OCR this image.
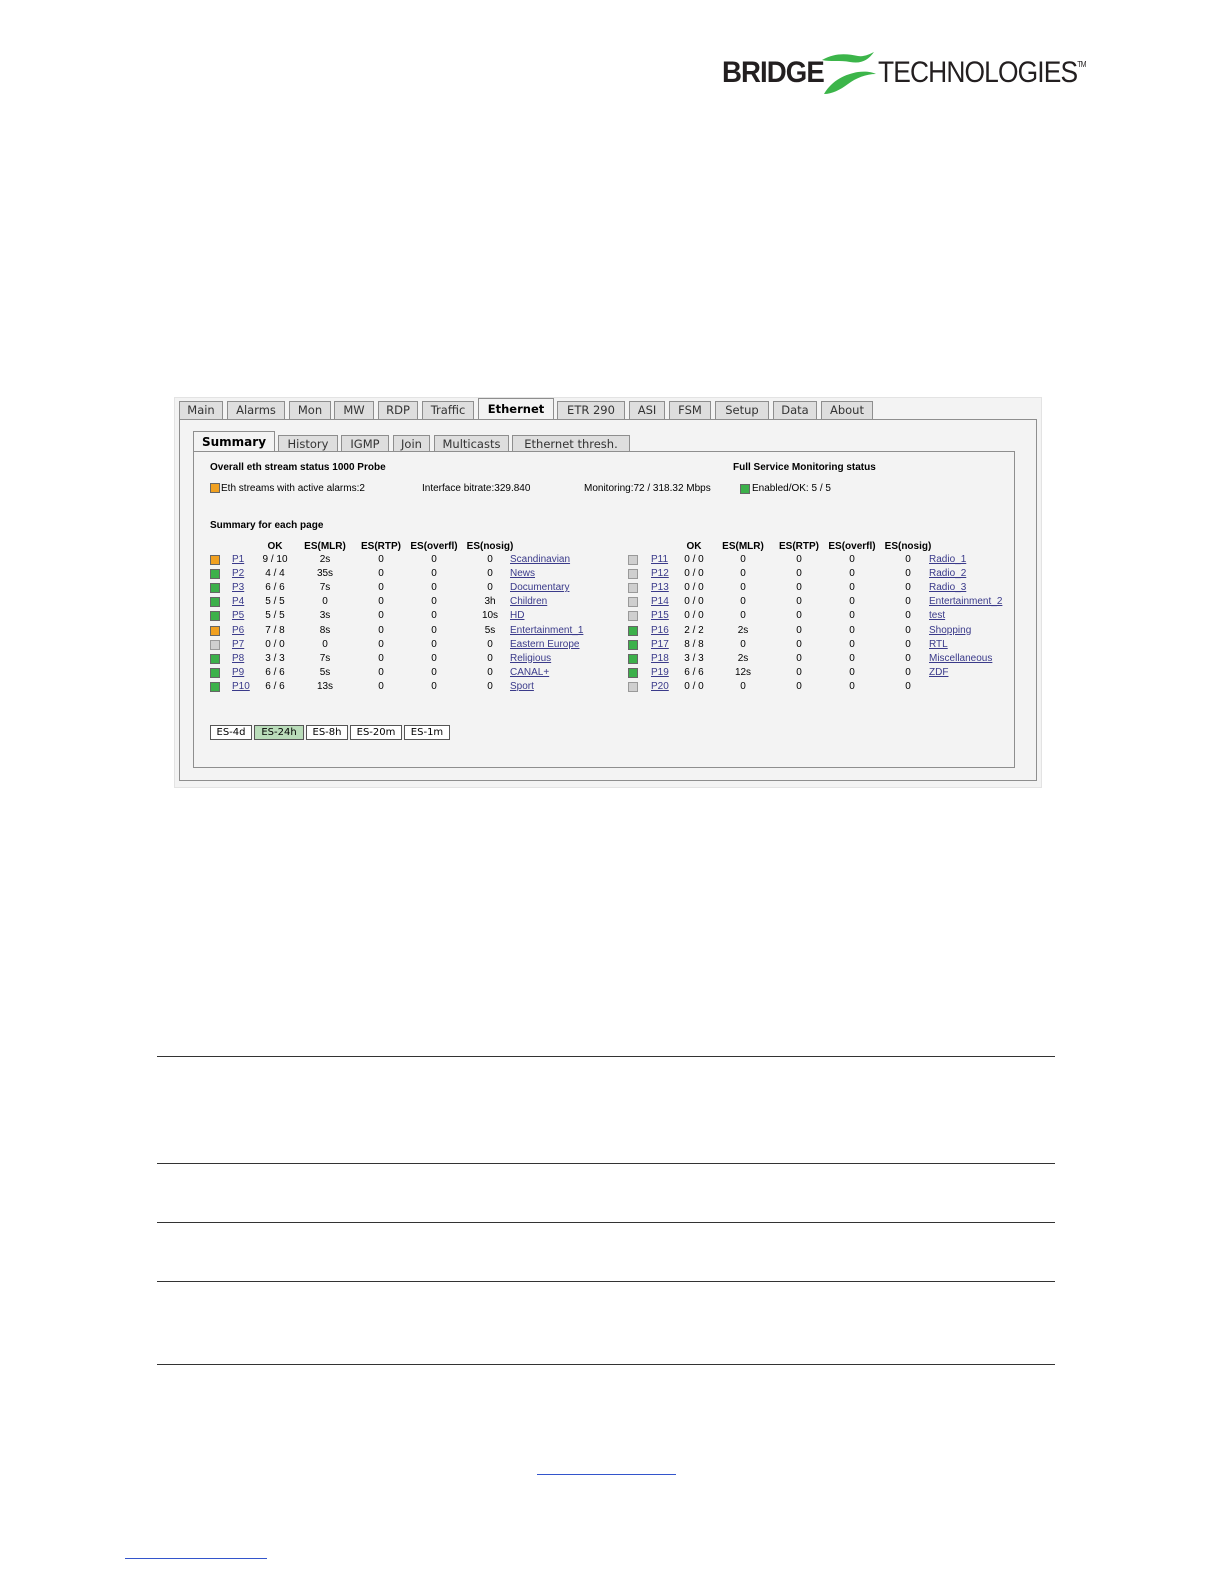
BRIDGE TECHNOLOGIES™
Main	Alarms	Mon	MW	RDP	Traffic	Ethernet	ETR 290	ASI	FSM	Setup	Data	About
Summary	History	IGMP	Join	Multicasts	Ethernet thresh.
Overall eth stream status 1000 Probe	Full Service Monitoring status
Eth streams with active alarms:2	Interface bitrate:329.840	Monitoring:72 / 318.32 Mbps	Enabled/OK: 5 / 5
Summary for each page
OK	ES(MLR)	ES(RTP) ES(overfl) ES(nosig)	OK	ES(MLR)	ES(RTP) ES(overfl) ES(nosig)
P1 9 / 10	2s	0	0	0	Scandinavian
P2	4 / 4	35s	0	0	0	News
P3	6 / 6	7s	0	0	0	Documentary
P4	5 / 5	0	0	0	3h	Children
P5	5 / 5	3s	0	0	10s	HD
P6	7 / 8	8s	0	0	5s	Entertainment_1
P7	0 / 0	0	0	0	0	Eastern Europe
P8	3 / 3	7s	0	0	0	Religious
P9	6 / 6	5s	0	0	0	CANAL+
P10	6 / 6	13s	0	0	0	Sport
P11	0 / 0	0	0	0	0	Radio_1
P12	0 / 0	0	0	0	0	Radio_2
P13	0 / 0	0	0	0	0	Radio_3
P14	0 / 0	0	0	0	0	Entertainment_2
P15	0 / 0	0	0	0	0	test
P16	2 / 2	2s	0	0	0	Shopping
P17	8 / 8	0	0	0	0	RTL
P18	3 / 3	2s	0	0	0	Miscellaneous
P19	6 / 6	12s	0	0	0	ZDF
P20	0 / 0	0	0	0	0
ES-4d	ES-24h	ES-8h	ES-20m	ES-1m
